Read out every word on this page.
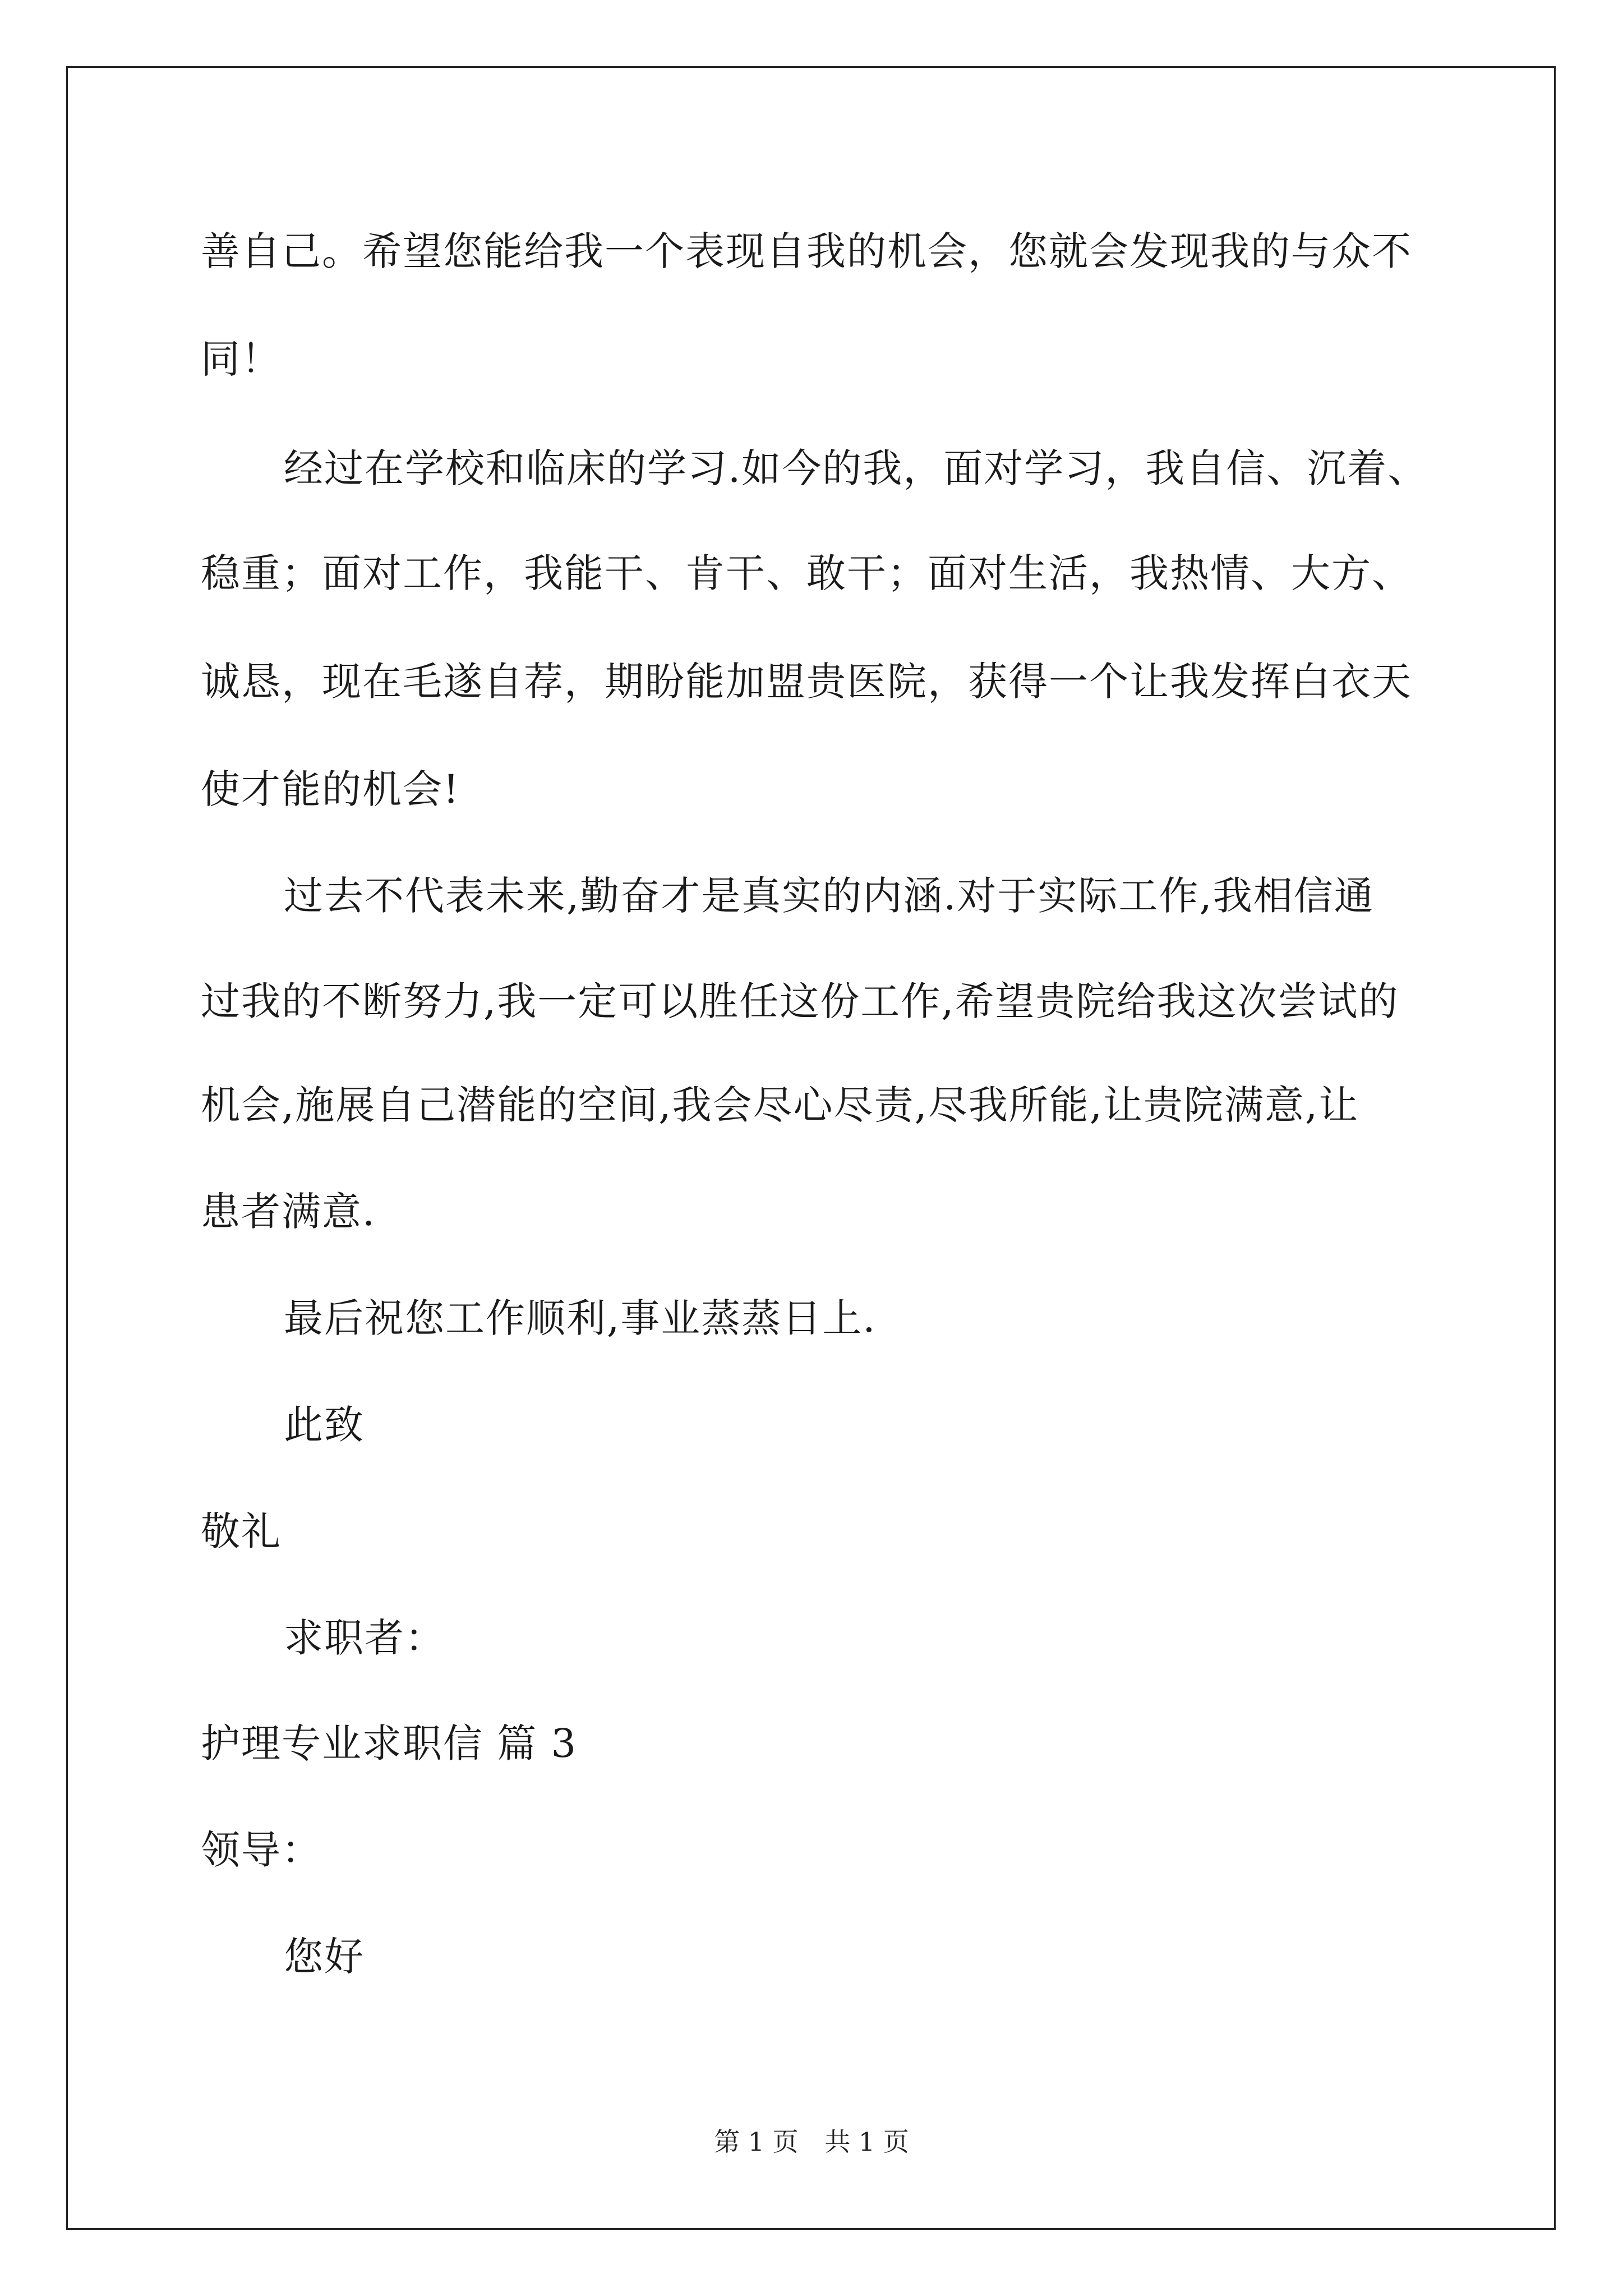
善自己。希望您能给我一个表现自我的机会，您就会发现我的与众不
同！
经过在学校和临床的学习.如今的我，面对学习，我自信、沉着、
稳重；面对工作，我能干、肯干、敢干；面对生活，我热情、大方、
诚恳，现在毛遂自荐，期盼能加盟贵医院，获得一个让我发挥白衣天
使才能的机会!
过去不代表未来,勤奋才是真实的内涵.对于实际工作,我相信通
过我的不断努力,我一定可以胜任这份工作,希望贵院给我这次尝试的
机会,施展自己潜能的空间,我会尽心尽责,尽我所能,让贵院满意,让
患者满意.
最后祝您工作顺利,事业蒸蒸日上.
此致
敬礼
求职者：
护理专业求职信 篇 3
领导：
您好
第 1 页 共 1 页
